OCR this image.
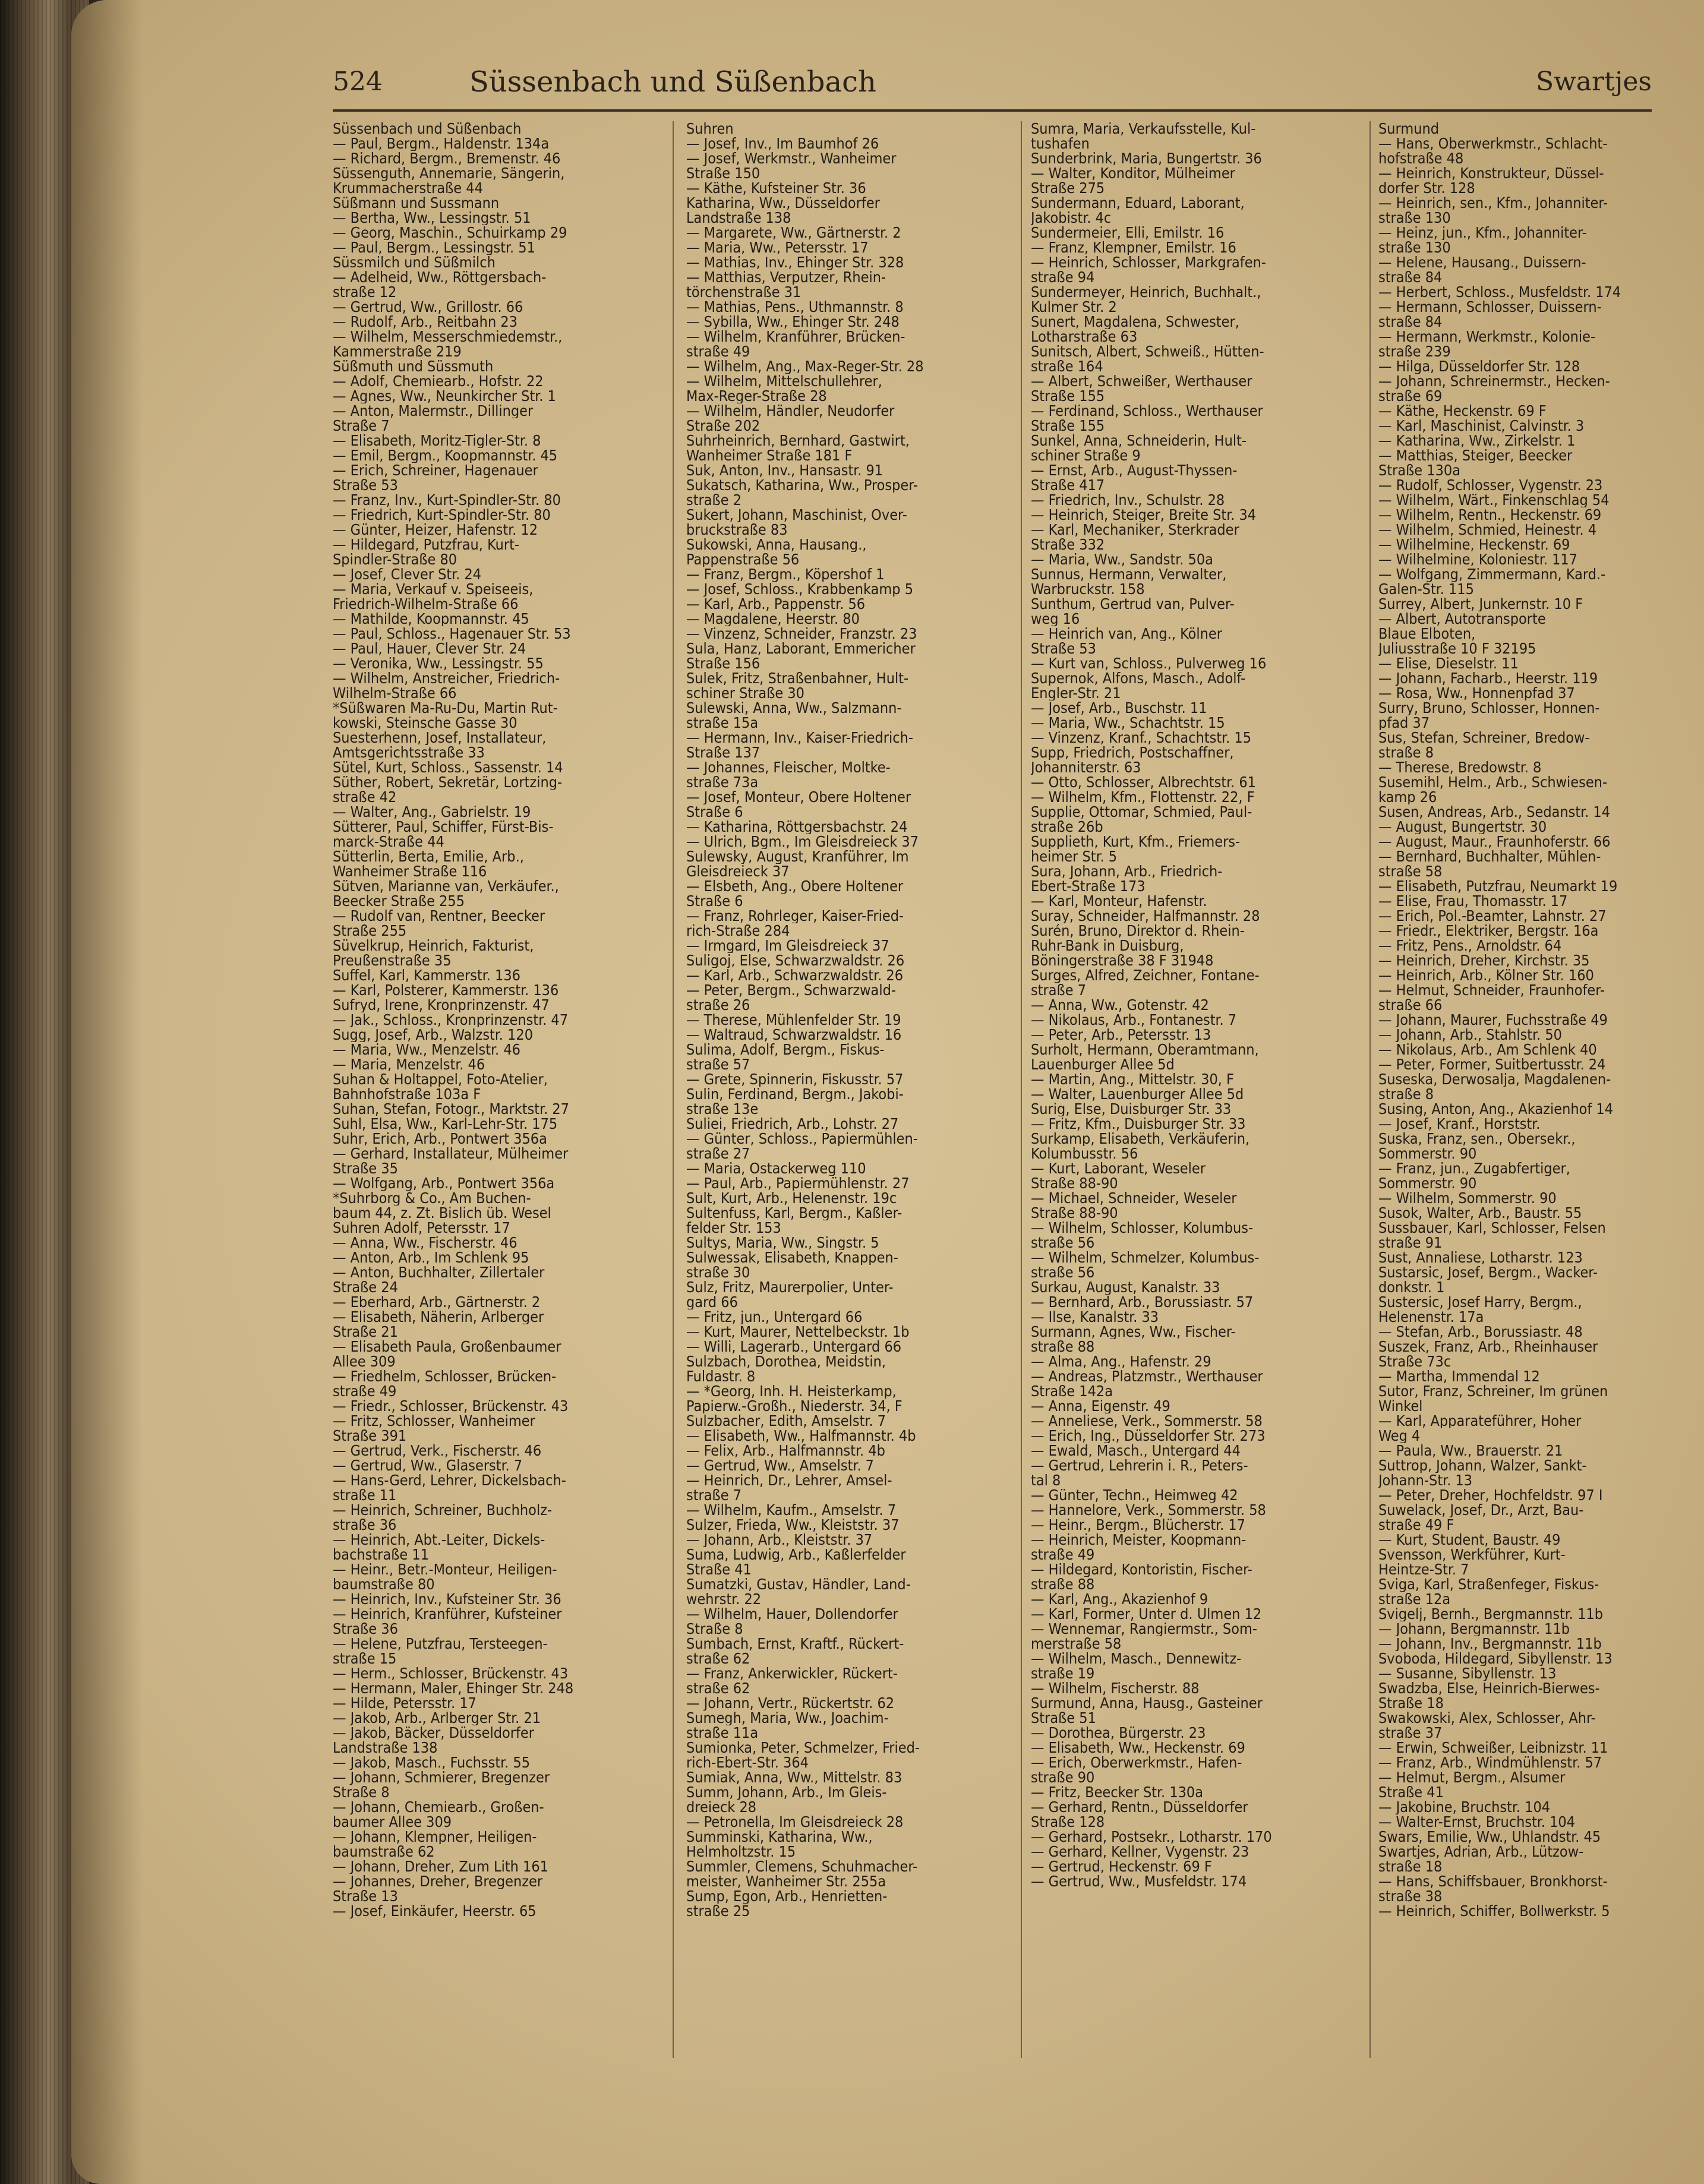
524	Süssenbach und Süßenbach	Swartjes

Süssenbach und Süßenbach

— Paul, Bergm., Haldenstr. 134a

— Richard, Bergm., Bremenstr. 46

Süssenguth, Annemarie, Sängerin,

Krummacherstraße 44

Süßmann und Sussmann

— Bertha, Ww., Lessingstr. 51

— Georg, Maschin., Schuirkamp 29

— Paul, Bergm., Lessingstr. 51

Süssmilch und Süßmilch

— Adelheid, Ww., Röttgersbach-

straße 12

— Gertrud, Ww., Grillostr. 66

— Rudolf, Arb., Reitbahn 23

— Wilhelm, Messerschmiedemstr.,

Kammerstraße 219

Süßmuth und Süssmuth

— Adolf, Chemiearb., Hofstr. 22

— Agnes, Ww., Neunkircher Str. 1

— Anton, Malermstr., Dillinger

Straße 7

— Elisabeth, Moritz-Tigler-Str. 8

— Emil, Bergm., Koopmannstr. 45

— Erich, Schreiner, Hagenauer

Straße 53

— Franz, Inv., Kurt-Spindler-Str. 80

— Friedrich, Kurt-Spindler-Str. 80

— Günter, Heizer, Hafenstr. 12

— Hildegard, Putzfrau, Kurt-

Spindler-Straße 80

— Josef, Clever Str. 24

— Maria, Verkauf v. Speiseeis,

Friedrich-Wilhelm-Straße 66

— Mathilde, Koopmannstr. 45

— Paul, Schloss., Hagenauer Str. 53

— Paul, Hauer, Clever Str. 24

— Veronika, Ww., Lessingstr. 55

— Wilhelm, Anstreicher, Friedrich-

Wilhelm-Straße 66

*Süßwaren Ma-Ru-Du, Martin Rut-

kowski, Steinsche Gasse 30

Suesterhenn, Josef, Installateur,

Amtsgerichtsstraße 33

Sütel, Kurt, Schloss., Sassenstr. 14

Süther, Robert, Sekretär, Lortzing-

straße 42

— Walter, Ang., Gabrielstr. 19

Sütterer, Paul, Schiffer, Fürst-Bis-

marck-Straße 44

Sütterlin, Berta, Emilie, Arb.,

Wanheimer Straße 116

Sütven, Marianne van, Verkäufer.,

Beecker Straße 255

— Rudolf van, Rentner, Beecker

Straße 255

Süvelkrup, Heinrich, Fakturist,

Preußenstraße 35

Suffel, Karl, Kammerstr. 136

— Karl, Polsterer, Kammerstr. 136

Sufryd, Irene, Kronprinzenstr. 47

— Jak., Schloss., Kronprinzenstr. 47

Sugg, Josef, Arb., Walzstr. 120

— Maria, Ww., Menzelstr. 46

— Maria, Menzelstr. 46

Suhan & Holtappel, Foto-Atelier,

Bahnhofstraße 103a F

Suhan, Stefan, Fotogr., Marktstr. 27

Suhl, Elsa, Ww., Karl-Lehr-Str. 175

Suhr, Erich, Arb., Pontwert 356a

— Gerhard, Installateur, Mülheimer

Straße 35

— Wolfgang, Arb., Pontwert 356a

*Suhrborg & Co., Am Buchen-

baum 44, z. Zt. Bislich üb. Wesel

Suhren Adolf, Petersstr. 17

— Anna, Ww., Fischerstr. 46

— Anton, Arb., Im Schlenk 95

— Anton, Buchhalter, Zillertaler

Straße 24

— Eberhard, Arb., Gärtnerstr. 2

— Elisabeth, Näherin, Arlberger

Straße 21

— Elisabeth Paula, Großenbaumer

Allee 309

— Friedhelm, Schlosser, Brücken-

straße 49

— Friedr., Schlosser, Brückenstr. 43

— Fritz, Schlosser, Wanheimer

Straße 391

— Gertrud, Verk., Fischerstr. 46

— Gertrud, Ww., Glaserstr. 7

— Hans-Gerd, Lehrer, Dickelsbach-

straße 11

— Heinrich, Schreiner, Buchholz-

straße 36

— Heinrich, Abt.-Leiter, Dickels-

bachstraße 11

— Heinr., Betr.-Monteur, Heiligen-

baumstraße 80

— Heinrich, Inv., Kufsteiner Str. 36

— Heinrich, Kranführer, Kufsteiner

Straße 36

— Helene, Putzfrau, Tersteegen-

straße 15

— Herm., Schlosser, Brückenstr. 43

— Hermann, Maler, Ehinger Str. 248

— Hilde, Petersstr. 17

— Jakob, Arb., Arlberger Str. 21

— Jakob, Bäcker, Düsseldorfer

Landstraße 138

— Jakob, Masch., Fuchsstr. 55

— Johann, Schmierer, Bregenzer

Straße 8

— Johann, Chemiearb., Großen-

baumer Allee 309

— Johann, Klempner, Heiligen-

baumstraße 62

— Johann, Dreher, Zum Lith 161

— Johannes, Dreher, Bregenzer

Straße 13

— Josef, Einkäufer, Heerstr. 65

Suhren

— Josef, Inv., Im Baumhof 26

— Josef, Werkmstr., Wanheimer

Straße 150

— Käthe, Kufsteiner Str. 36

Katharina, Ww., Düsseldorfer

Landstraße 138

— Margarete, Ww., Gärtnerstr. 2

— Maria, Ww., Petersstr. 17

— Mathias, Inv., Ehinger Str. 328

— Matthias, Verputzer, Rhein-

törchenstraße 31

— Mathias, Pens., Uthmannstr. 8

— Sybilla, Ww., Ehinger Str. 248

— Wilhelm, Kranführer, Brücken-

straße 49

— Wilhelm, Ang., Max-Reger-Str. 28

— Wilhelm, Mittelschullehrer,

Max-Reger-Straße 28

— Wilhelm, Händler, Neudorfer

Straße 202

Suhrheinrich, Bernhard, Gastwirt,

Wanheimer Straße 181 F

Suk, Anton, Inv., Hansastr. 91

Sukatsch, Katharina, Ww., Prosper-

straße 2

Sukert, Johann, Maschinist, Over-

bruckstraße 83

Sukowski, Anna, Hausang.,

Pappenstraße 56

— Franz, Bergm., Köpershof 1

— Josef, Schloss., Krabbenkamp 5

— Karl, Arb., Pappenstr. 56

— Magdalene, Heerstr. 80

— Vinzenz, Schneider, Franzstr. 23

Sula, Hanz, Laborant, Emmericher

Straße 156

Sulek, Fritz, Straßenbahner, Hult-

schiner Straße 30

Sulewski, Anna, Ww., Salzmann-

straße 15a

— Hermann, Inv., Kaiser-Friedrich-

Straße 137

— Johannes, Fleischer, Moltke-

straße 73a

— Josef, Monteur, Obere Holtener

Straße 6

— Katharina, Röttgersbachstr. 24

— Ulrich, Bgm., Im Gleisdreieck 37

Sulewsky, August, Kranführer, Im

Gleisdreieck 37

— Elsbeth, Ang., Obere Holtener

Straße 6

— Franz, Rohrleger, Kaiser-Fried-

rich-Straße 284

— Irmgard, Im Gleisdreieck 37

Suligoj, Else, Schwarzwaldstr. 26

— Karl, Arb., Schwarzwaldstr. 26

— Peter, Bergm., Schwarzwald-

straße 26

— Therese, Mühlenfelder Str. 19

— Waltraud, Schwarzwaldstr. 16

Sulima, Adolf, Bergm., Fiskus-

straße 57

— Grete, Spinnerin, Fiskusstr. 57

Sulin, Ferdinand, Bergm., Jakobi-

straße 13e

Suliei, Friedrich, Arb., Lohstr. 27

— Günter, Schloss., Papiermühlen-

straße 27

— Maria, Ostackerweg 110

— Paul, Arb., Papiermühlenstr. 27

Sult, Kurt, Arb., Helenenstr. 19c

Sultenfuss, Karl, Bergm., Kaßler-

felder Str. 153

Sultys, Maria, Ww., Singstr. 5

Sulwessak, Elisabeth, Knappen-

straße 30

Sulz, Fritz, Maurerpolier, Unter-

gard 66

— Fritz, jun., Untergard 66

— Kurt, Maurer, Nettelbeckstr. 1b

— Willi, Lagerarb., Untergard 66

Sulzbach, Dorothea, Meidstin,

Fuldastr. 8

— *Georg, Inh. H. Heisterkamp,

Papierw.-Großh., Niederstr. 34, F

Sulzbacher, Edith, Amselstr. 7

— Elisabeth, Ww., Halfmannstr. 4b

— Felix, Arb., Halfmannstr. 4b

— Gertrud, Ww., Amselstr. 7

— Heinrich, Dr., Lehrer, Amsel-

straße 7

— Wilhelm, Kaufm., Amselstr. 7

Sulzer, Frieda, Ww., Kleiststr. 37

— Johann, Arb., Kleiststr. 37

Suma, Ludwig, Arb., Kaßlerfelder

Straße 41

Sumatzki, Gustav, Händler, Land-

wehrstr. 22

— Wilhelm, Hauer, Dollendorfer

Straße 8

Sumbach, Ernst, Kraftf., Rückert-

straße 62

— Franz, Ankerwickler, Rückert-

straße 62

— Johann, Vertr., Rückertstr. 62

Sumegh, Maria, Ww., Joachim-

straße 11a

Sumionka, Peter, Schmelzer, Fried-

rich-Ebert-Str. 364

Sumiak, Anna, Ww., Mittelstr. 83

Summ, Johann, Arb., Im Gleis-

dreieck 28

— Petronella, Im Gleisdreieck 28

Summinski, Katharina, Ww.,

Helmholtzstr. 15

Summler, Clemens, Schuhmacher-

meister, Wanheimer Str. 255a

Sump, Egon, Arb., Henrietten-

straße 25

Sumra, Maria, Verkaufsstelle, Kul-

tushafen

Sunderbrink, Maria, Bungertstr. 36

— Walter, Konditor, Mülheimer

Straße 275

Sundermann, Eduard, Laborant,

Jakobistr. 4c

Sundermeier, Elli, Emilstr. 16

— Franz, Klempner, Emilstr. 16

— Heinrich, Schlosser, Markgrafen-

straße 94

Sundermeyer, Heinrich, Buchhalt.,

Kulmer Str. 2

Sunert, Magdalena, Schwester,

Lotharstraße 63

Sunitsch, Albert, Schweiß., Hütten-

straße 164

— Albert, Schweißer, Werthauser

Straße 155

— Ferdinand, Schloss., Werthauser

Straße 155

Sunkel, Anna, Schneiderin, Hult-

schiner Straße 9

— Ernst, Arb., August-Thyssen-

Straße 417

— Friedrich, Inv., Schulstr. 28

— Heinrich, Steiger, Breite Str. 34

— Karl, Mechaniker, Sterkrader

Straße 332

— Maria, Ww., Sandstr. 50a

Sunnus, Hermann, Verwalter,

Warbruckstr. 158

Sunthum, Gertrud van, Pulver-

weg 16

— Heinrich van, Ang., Kölner

Straße 53

— Kurt van, Schloss., Pulverweg 16

Supernok, Alfons, Masch., Adolf-

Engler-Str. 21

— Josef, Arb., Buschstr. 11

— Maria, Ww., Schachtstr. 15

— Vinzenz, Kranf., Schachtstr. 15

Supp, Friedrich, Postschaffner,

Johanniterstr. 63

— Otto, Schlosser, Albrechtstr. 61

— Wilhelm, Kfm., Flottenstr. 22, F

Supplie, Ottomar, Schmied, Paul-

straße 26b

Supplieth, Kurt, Kfm., Friemers-

heimer Str. 5

Sura, Johann, Arb., Friedrich-

Ebert-Straße 173

— Karl, Monteur, Hafenstr.

Suray, Schneider, Halfmannstr. 28

Surén, Bruno, Direktor d. Rhein-

Ruhr-Bank in Duisburg,

Böningerstraße 38 F 31948

Surges, Alfred, Zeichner, Fontane-

straße 7

— Anna, Ww., Gotenstr. 42

— Nikolaus, Arb., Fontanestr. 7

— Peter, Arb., Petersstr. 13

Surholt, Hermann, Oberamtmann,

Lauenburger Allee 5d

— Martin, Ang., Mittelstr. 30, F

— Walter, Lauenburger Allee 5d

Surig, Else, Duisburger Str. 33

— Fritz, Kfm., Duisburger Str. 33

Surkamp, Elisabeth, Verkäuferin,

Kolumbusstr. 56

— Kurt, Laborant, Weseler

Straße 88-90

— Michael, Schneider, Weseler

Straße 88-90

— Wilhelm, Schlosser, Kolumbus-

straße 56

— Wilhelm, Schmelzer, Kolumbus-

straße 56

Surkau, August, Kanalstr. 33

— Bernhard, Arb., Borussiastr. 57

— Ilse, Kanalstr. 33

Surmann, Agnes, Ww., Fischer-

straße 88

— Alma, Ang., Hafenstr. 29

— Andreas, Platzmstr., Werthauser

Straße 142a

— Anna, Eigenstr. 49

— Anneliese, Verk., Sommerstr. 58

— Erich, Ing., Düsseldorfer Str. 273

— Ewald, Masch., Untergard 44

— Gertrud, Lehrerin i. R., Peters-

tal 8

— Günter, Techn., Heimweg 42

— Hannelore, Verk., Sommerstr. 58

— Heinr., Bergm., Blücherstr. 17

— Heinrich, Meister, Koopmann-

straße 49

— Hildegard, Kontoristin, Fischer-

straße 88

— Karl, Ang., Akazienhof 9

— Karl, Former, Unter d. Ulmen 12

— Wennemar, Rangiermstr., Som-

merstraße 58

— Wilhelm, Masch., Dennewitz-

straße 19

— Wilhelm, Fischerstr. 88

Surmund, Anna, Hausg., Gasteiner

Straße 51

— Dorothea, Bürgerstr. 23

— Elisabeth, Ww., Heckenstr. 69

— Erich, Oberwerkmstr., Hafen-

straße 90

— Fritz, Beecker Str. 130a

— Gerhard, Rentn., Düsseldorfer

Straße 128

— Gerhard, Postsekr., Lotharstr. 170

— Gerhard, Kellner, Vygenstr. 23

— Gertrud, Heckenstr. 69 F

— Gertrud, Ww., Musfeldstr. 174

Surmund

— Hans, Oberwerkmstr., Schlacht-

hofstraße 48

— Heinrich, Konstrukteur, Düssel-

dorfer Str. 128

— Heinrich, sen., Kfm., Johanniter-

straße 130

— Heinz, jun., Kfm., Johanniter-

straße 130

— Helene, Hausang., Duissern-

straße 84

— Herbert, Schloss., Musfeldstr. 174

— Hermann, Schlosser, Duissern-

straße 84

— Hermann, Werkmstr., Kolonie-

straße 239

— Hilga, Düsseldorfer Str. 128

— Johann, Schreinermstr., Hecken-

straße 69

— Käthe, Heckenstr. 69 F

— Karl, Maschinist, Calvinstr. 3

— Katharina, Ww., Zirkelstr. 1

— Matthias, Steiger, Beecker

Straße 130a

— Rudolf, Schlosser, Vygenstr. 23

— Wilhelm, Wärt., Finkenschlag 54

— Wilhelm, Rentn., Heckenstr. 69

— Wilhelm, Schmied, Heinestr. 4

— Wilhelmine, Heckenstr. 69

— Wilhelmine, Koloniestr. 117

— Wolfgang, Zimmermann, Kard.-

Galen-Str. 115

Surrey, Albert, Junkernstr. 10 F

— Albert, Autotransporte

Blaue Elboten,

Juliusstraße 10 F 32195

— Elise, Dieselstr. 11

— Johann, Facharb., Heerstr. 119

— Rosa, Ww., Honnenpfad 37

Surry, Bruno, Schlosser, Honnen-

pfad 37

Sus, Stefan, Schreiner, Bredow-

straße 8

— Therese, Bredowstr. 8

Susemihl, Helm., Arb., Schwiesen-

kamp 26

Susen, Andreas, Arb., Sedanstr. 14

— August, Bungertstr. 30

— August, Maur., Fraunhoferstr. 66

— Bernhard, Buchhalter, Mühlen-

straße 58

— Elisabeth, Putzfrau, Neumarkt 19

— Elise, Frau, Thomasstr. 17

— Erich, Pol.-Beamter, Lahnstr. 27

— Friedr., Elektriker, Bergstr. 16a

— Fritz, Pens., Arnoldstr. 64

— Heinrich, Dreher, Kirchstr. 35

— Heinrich, Arb., Kölner Str. 160

— Helmut, Schneider, Fraunhofer-

straße 66

— Johann, Maurer, Fuchsstraße 49

— Johann, Arb., Stahlstr. 50

— Nikolaus, Arb., Am Schlenk 40

— Peter, Former, Suitbertusstr. 24

Suseska, Derwosalja, Magdalenen-

straße 8

Susing, Anton, Ang., Akazienhof 14

— Josef, Kranf., Horststr.

Suska, Franz, sen., Obersekr.,

Sommerstr. 90

— Franz, jun., Zugabfertiger,

Sommerstr. 90

— Wilhelm, Sommerstr. 90

Susok, Walter, Arb., Baustr. 55

Sussbauer, Karl, Schlosser, Felsen

straße 91

Sust, Annaliese, Lotharstr. 123

Sustarsic, Josef, Bergm., Wacker-

donkstr. 1

Sustersic, Josef Harry, Bergm.,

Helenenstr. 17a

— Stefan, Arb., Borussiastr. 48

Suszek, Franz, Arb., Rheinhauser

Straße 73c

— Martha, Immendal 12

Sutor, Franz, Schreiner, Im grünen

Winkel

— Karl, Apparateführer, Hoher

Weg 4

— Paula, Ww., Brauerstr. 21

Suttrop, Johann, Walzer, Sankt-

Johann-Str. 13

— Peter, Dreher, Hochfeldstr. 97 I

Suwelack, Josef, Dr., Arzt, Bau-

straße 49 F

— Kurt, Student, Baustr. 49

Svensson, Werkführer, Kurt-

Heintze-Str. 7

Sviga, Karl, Straßenfeger, Fiskus-

straße 12a

Svigelj, Bernh., Bergmannstr. 11b

— Johann, Bergmannstr. 11b

— Johann, Inv., Bergmannstr. 11b

Svoboda, Hildegard, Sibyllenstr. 13

— Susanne, Sibyllenstr. 13

Swadzba, Else, Heinrich-Bierwes-

Straße 18

Swakowski, Alex, Schlosser, Ahr-

straße 37

— Erwin, Schweißer, Leibnizstr. 11

— Franz, Arb., Windmühlenstr. 57

— Helmut, Bergm., Alsumer

Straße 41

— Jakobine, Bruchstr. 104

— Walter-Ernst, Bruchstr. 104

Swars, Emilie, Ww., Uhlandstr. 45

Swartjes, Adrian, Arb., Lützow-

straße 18

— Hans, Schiffsbauer, Bronkhorst-

straße 38

— Heinrich, Schiffer, Bollwerkstr. 5
